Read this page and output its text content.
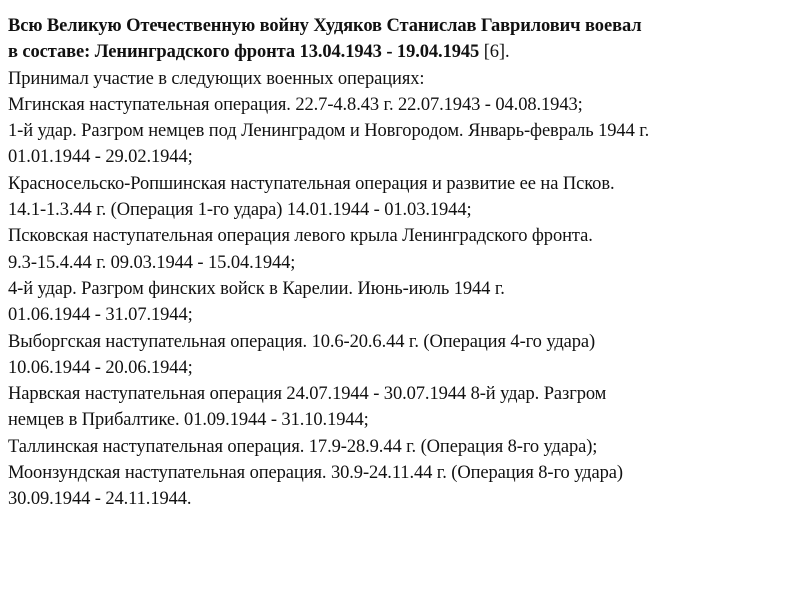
Всю Великую Отечественную войну Худяков Станислав Гаврилович воевал
в составе: Ленинградского фронта 13.04.1943 - 19.04.1945 [6].
Принимал участие в следующих военных операциях:
Мгинская наступательная операция. 22.7-4.8.43 г. 22.07.1943 - 04.08.1943;
1-й удар. Разгром немцев под Ленинградом и Новгородом. Январь-февраль 1944 г.
01.01.1944 - 29.02.1944;
Красносельско-Ропшинская наступательная операция и развитие ее на Псков.
14.1-1.3.44 г. (Операция 1-го удара) 14.01.1944 - 01.03.1944;
Псковская наступательная операция левого крыла Ленинградского фронта.
9.3-15.4.44 г. 09.03.1944 - 15.04.1944;
4-й удар. Разгром финских войск в Карелии. Июнь-июль 1944 г.
01.06.1944 - 31.07.1944;
Выборгская наступательная операция. 10.6-20.6.44 г. (Операция 4-го удара)
10.06.1944 - 20.06.1944;
Нарвская наступательная операция 24.07.1944 - 30.07.1944 8-й удар. Разгром
немцев в Прибалтике. 01.09.1944 - 31.10.1944;
Таллинская наступательная операция. 17.9-28.9.44 г. (Операция 8-го удара);
Моонзундская наступательная операция. 30.9-24.11.44 г. (Операция 8-го удара)
30.09.1944 - 24.11.1944.
